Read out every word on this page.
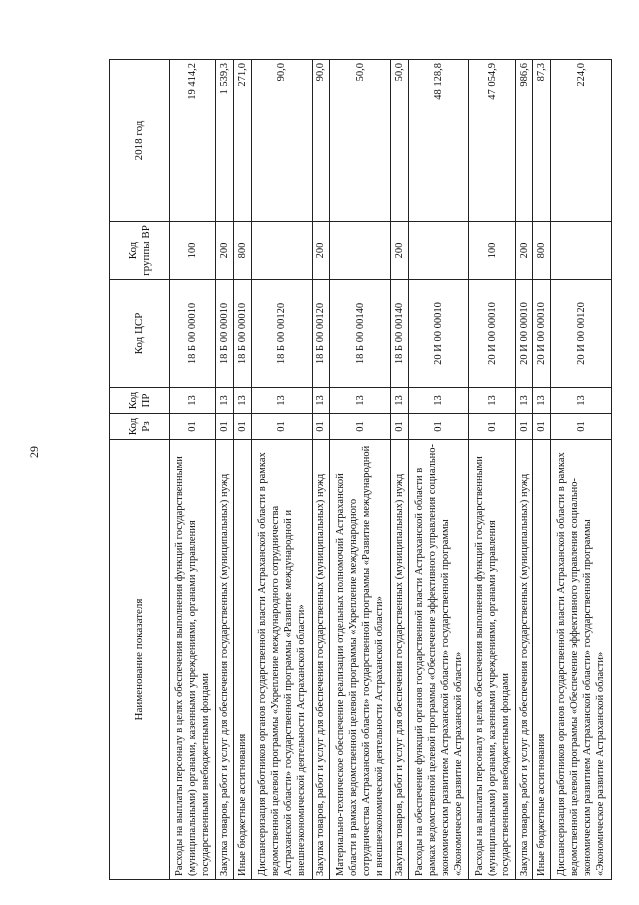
29
Наименование показателя	Код Рз	Код ПР	Код ЦСР	Код группы ВР	2018 год
Расходы на выплаты персоналу в целях обеспечения выполнения функций государственными (муниципальными) органами, казенными учреждениями, органами управления государственными внебюджетными фондами	01	13	18 Б 00 00010	100	19 414,2
Закупка товаров, работ и услуг для обеспечения государственных (муниципальных) нужд	01	13	18 Б 00 00010	200	1 539,3
Иные бюджетные ассигнования	01	13	18 Б 00 00010	800	271,0
Диспансеризация работников органов государственной власти Астраханской области в рамках ведомственной целевой программы «Укрепление международного сотрудничества Астраханской области» государственной программы «Развитие международной и внешнеэкономической деятельности Астраханской области»	01	13	18 Б 00 00120		90,0
Закупка товаров, работ и услуг для обеспечения государственных (муниципальных) нужд	01	13	18 Б 00 00120	200	90,0
Материально-техническое обеспечение реализации отдельных полномочий Астраханской области в рамках ведомственной целевой программы «Укрепление международного сотрудничества Астраханской области» государственной программы «Развитие международной и внешнеэкономической деятельности Астраханской области»	01	13	18 Б 00 00140		50,0
Закупка товаров, работ и услуг для обеспечения государственных (муниципальных) нужд	01	13	18 Б 00 00140	200	50,0
Расходы на обеспечение функций органов государственной власти Астраханской области в рамках ведомственной целевой программы «Обеспечение эффективного управления социально-экономическим развитием Астраханской области» государственной программы «Экономическое развитие Астраханской области»	01	13	20 И 00 00010		48 128,8
Расходы на выплаты персоналу в целях обеспечения выполнения функций государственными (муниципальными) органами, казенными учреждениями, органами управления государственными внебюджетными фондами	01	13	20 И 00 00010	100	47 054,9
Закупка товаров, работ и услуг для обеспечения государственных (муниципальных) нужд	01	13	20 И 00 00010	200	986,6
Иные бюджетные ассигнования	01	13	20 И 00 00010	800	87,3
Диспансеризация работников органов государственной власти Астраханской области в рамках ведомственной целевой программы «Обеспечение эффективного управления социально-экономическим развитием Астраханской области» государственной программы «Экономическое развитие Астраханской области»	01	13	20 И 00 00120		224,0
